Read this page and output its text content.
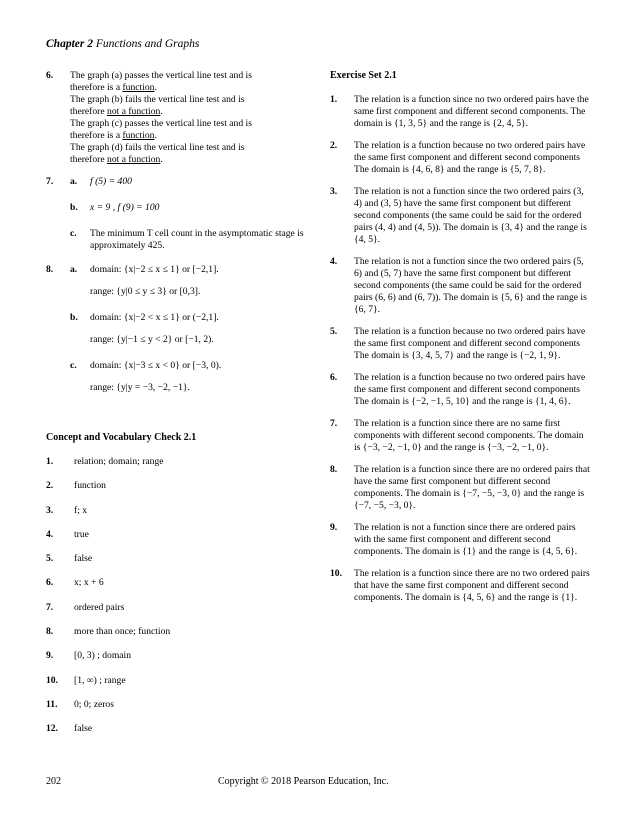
Chapter 2 Functions and Graphs
6.	The graph (a) passes the vertical line test and is
therefore is a function.
The graph (b) fails the vertical line test and is
therefore not a function.
The graph (c) passes the vertical line test and is
therefore is a function.
The graph (d) fails the vertical line test and is
therefore not a function.
7.	a.	f (5) = 400
b.	x = 9 , f (9) = 100
c.	The minimum T cell count in the asymptomatic stage is approximately 425.
8.	a.	domain: {x|−2 ≤ x ≤ 1} or [−2,1].
range: {y|0 ≤ y ≤ 3} or [0,3].
b.	domain: {x|−2 < x ≤ 1} or (−2,1].
range: {y|−1 ≤ y < 2} or [−1, 2).
c.	domain: {x|−3 ≤ x < 0} or [−3, 0).
range: {y|y = −3, −2, −1}.
Concept and Vocabulary Check 2.1
1.	relation; domain; range
2.	function
3.	f; x
4.	true
5.	false
6.	x; x + 6
7.	ordered pairs
8.	more than once; function
9.	[0, 3) ; domain
10.	[1, ∞) ; range
11.	0; 0; zeros
12.	false
Exercise Set 2.1
1.	The relation is a function since no two ordered pairs have the same first component and different second components. The domain is {1, 3, 5} and the range is {2, 4, 5}.
2.	The relation is a function because no two ordered pairs have the same first component and different second components The domain is {4, 6, 8} and the range is {5, 7, 8}.
3.	The relation is not a function since the two ordered pairs (3, 4) and (3, 5) have the same first component but different second components (the same could be said for the ordered pairs (4, 4) and (4, 5)). The domain is {3, 4} and the range is {4, 5}.
4.	The relation is not a function since the two ordered pairs (5, 6) and (5, 7) have the same first component but different second components (the same could be said for the ordered pairs (6, 6) and (6, 7)). The domain is {5, 6} and the range is {6, 7}.
5.	The relation is a function because no two ordered pairs have the same first component and different second components The domain is {3, 4, 5, 7} and the range is {−2, 1, 9}.
6.	The relation is a function because no two ordered pairs have the same first component and different second components The domain is {−2, −1, 5, 10} and the range is {1, 4, 6}.
7.	The relation is a function since there are no same first components with different second components. The domain is {−3, −2, −1, 0} and the range is {−3, −2, −1, 0}.
8.	The relation is a function since there are no ordered pairs that have the same first component but different second components. The domain is {−7, −5, −3, 0} and the range is {−7, −5, −3, 0}.
9.	The relation is not a function since there are ordered pairs with the same first component and different second components. The domain is {1} and the range is {4, 5, 6}.
10.	The relation is a function since there are no two ordered pairs that have the same first component and different second components. The domain is {4, 5, 6} and the range is {1}.
202	Copyright © 2018 Pearson Education, Inc.
